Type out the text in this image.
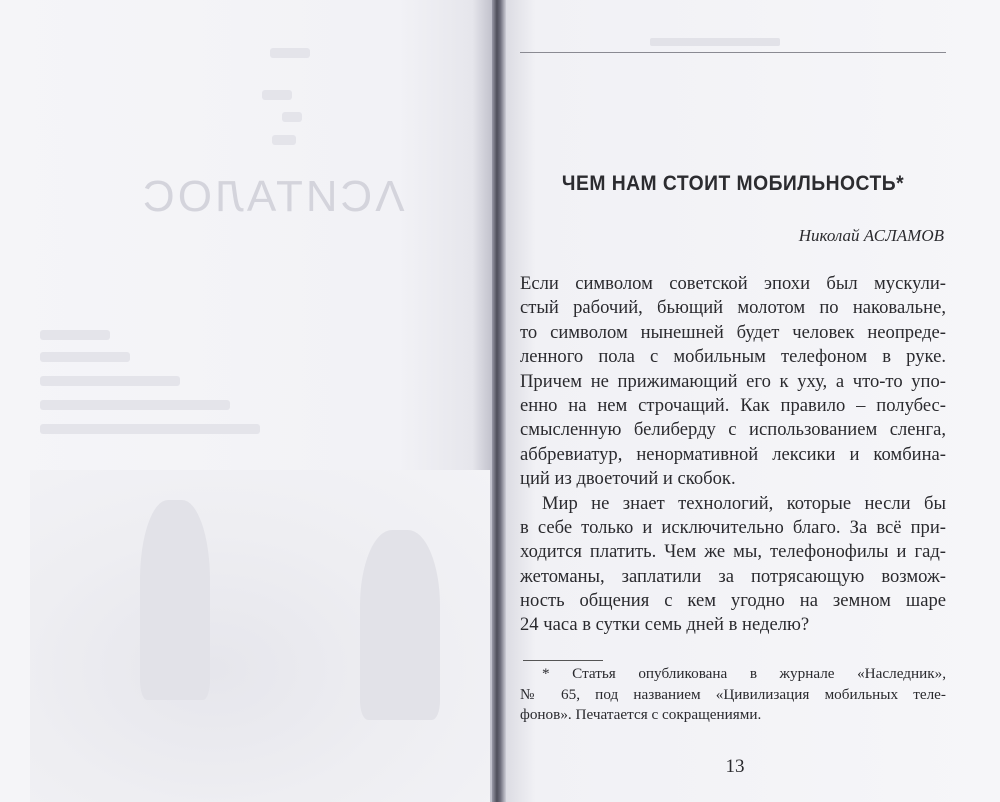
ΛCИTAЛOC	ЧЕМ НАМ СТОИТ МОБИЛЬНОСТЬ*
Николай АСЛАМОВ
Если символом советской эпохи был мускули-
стый рабочий, бьющий молотом по наковальне,
то символом нынешней будет человек неопреде-
ленного пола с мобильным телефоном в руке.
Причем не прижимающий его к уху, а что-то упо-
енно на нем строчащий. Как правило – полубес-
смысленную белиберду с использованием сленга,
аббревиатур, ненормативной лексики и комбина-
ций из двоеточий и скобок.
Мир не знает технологий, которые несли бы
в себе только и исключительно благо. За всё при-
ходится платить. Чем же мы, телефонофилы и гад-
жетоманы, заплатили за потрясающую возмож-
ность общения с кем угодно на земном шаре
24 часа в сутки семь дней в неделю?
* Статья опубликована в журнале «Наследник»,
№ 65, под названием «Цивилизация мобильных теле-
фонов». Печатается с сокращениями.
13
